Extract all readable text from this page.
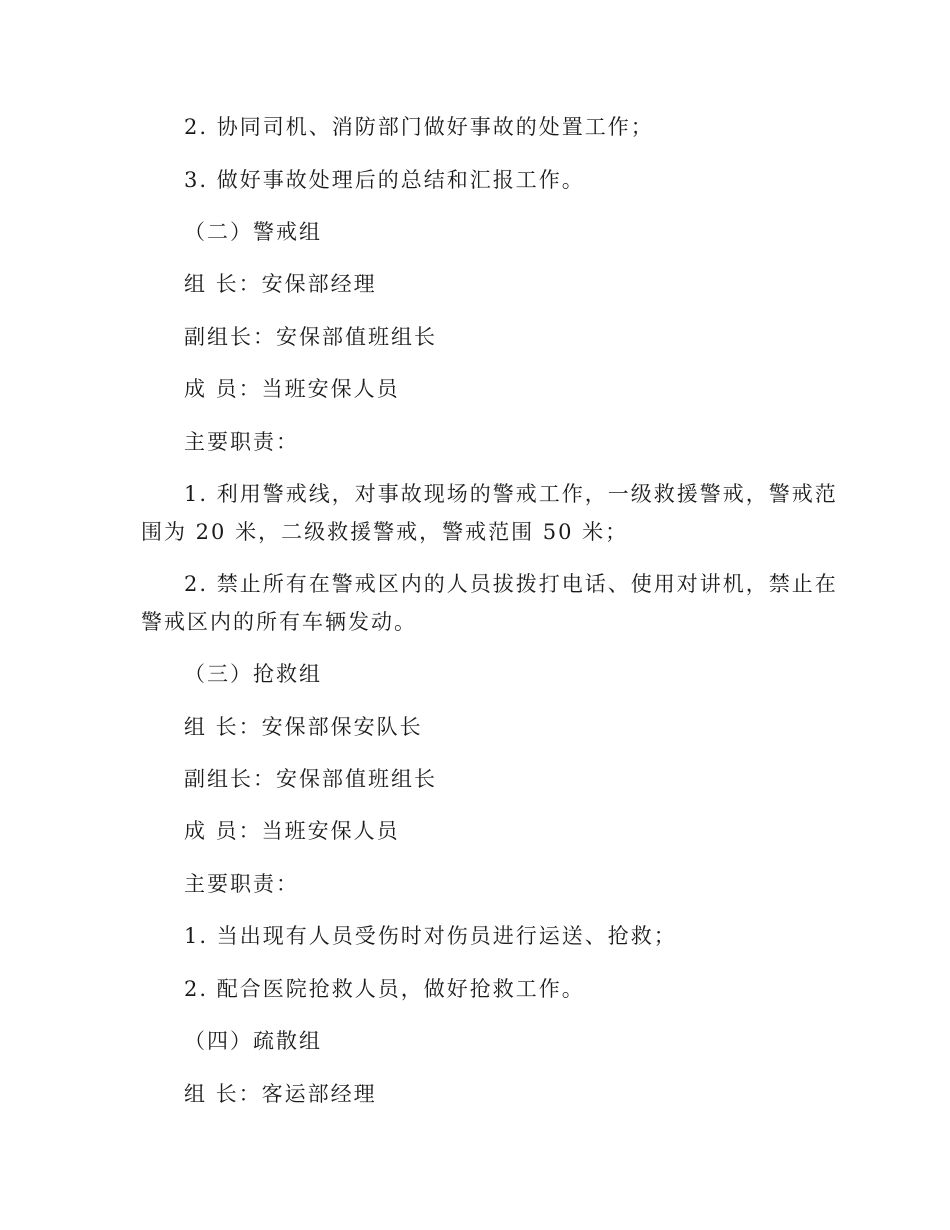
2. 协同司机、消防部门做好事故的处置工作；
3. 做好事故处理后的总结和汇报工作。
（二）警戒组
组 长：安保部经理
副组长：安保部值班组长
成 员：当班安保人员
主要职责：
1. 利用警戒线，对事故现场的警戒工作，一级救援警戒，警戒范
围为 20 米，二级救援警戒，警戒范围 50 米；
2. 禁止所有在警戒区内的人员拔拨打电话、使用对讲机，禁止在
警戒区内的所有车辆发动。
（三）抢救组
组 长：安保部保安队长
副组长：安保部值班组长
成 员：当班安保人员
主要职责：
1. 当出现有人员受伤时对伤员进行运送、抢救；
2. 配合医院抢救人员，做好抢救工作。
（四）疏散组
组 长：客运部经理
